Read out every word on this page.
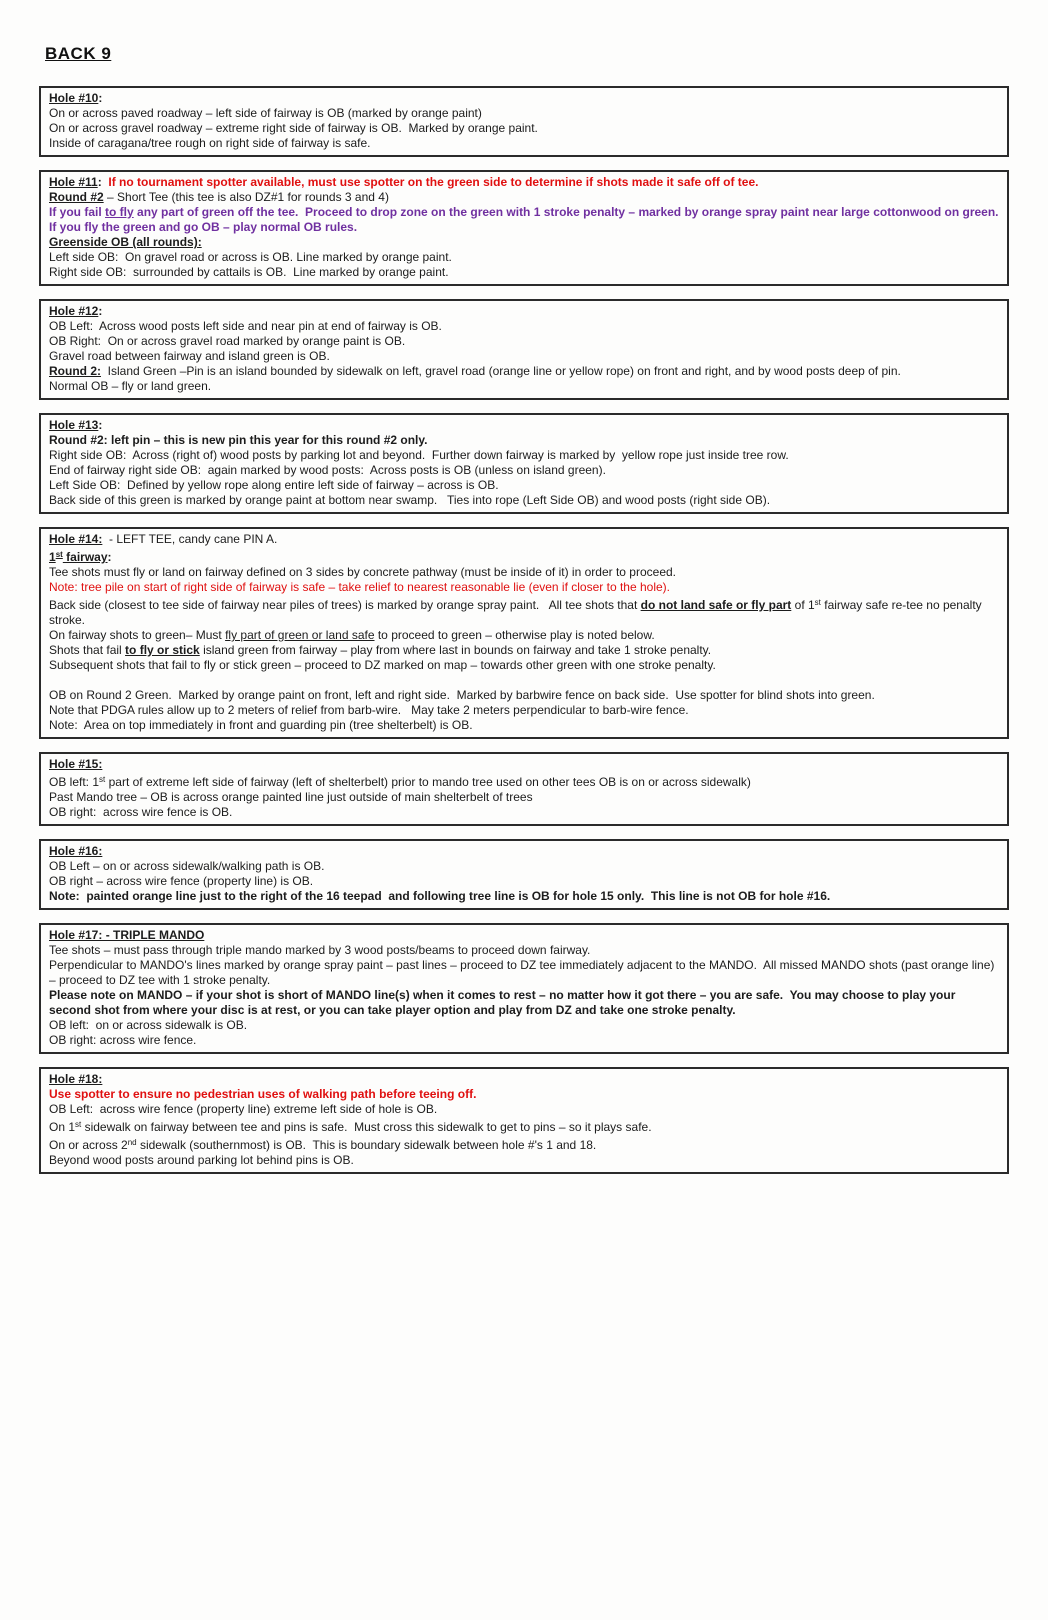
BACK 9
Hole #10:
On or across paved roadway – left side of fairway is OB (marked by orange paint)
On or across gravel roadway – extreme right side of fairway is OB.  Marked by orange paint.
Inside of caragana/tree rough on right side of fairway is safe.
Hole #11:  If no tournament spotter available, must use spotter on the green side to determine if shots made it safe off of tee.
Round #2 – Short Tee (this tee is also DZ#1 for rounds 3 and 4)
If you fail to fly any part of green off the tee.  Proceed to drop zone on the green with 1 stroke penalty – marked by orange spray paint near large cottonwood on green. If you fly the green and go OB – play normal OB rules.
Greenside OB (all rounds):
Left side OB:  On gravel road or across is OB. Line marked by orange paint.
Right side OB:  surrounded by cattails is OB.  Line marked by orange paint.
Hole #12:
OB Left:  Across wood posts left side and near pin at end of fairway is OB.
OB Right:  On or across gravel road marked by orange paint is OB.
Gravel road between fairway and island green is OB.
Round 2:  Island Green –Pin is an island bounded by sidewalk on left, gravel road (orange line or yellow rope) on front and right, and by wood posts deep of pin.
Normal OB – fly or land green.
Hole #13:
Round #2: left pin – this is new pin this year for this round #2 only.
Right side OB:  Across (right of) wood posts by parking lot and beyond.  Further down fairway is marked by  yellow rope just inside tree row.
End of fairway right side OB:  again marked by wood posts:  Across posts is OB (unless on island green).
Left Side OB:  Defined by yellow rope along entire left side of fairway – across is OB.
Back side of this green is marked by orange paint at bottom near swamp.   Ties into rope (Left Side OB) and wood posts (right side OB).
Hole #14:  - LEFT TEE, candy cane PIN A.
1st fairway:
Tee shots must fly or land on fairway defined on 3 sides by concrete pathway (must be inside of it) in order to proceed.
Note: tree pile on start of right side of fairway is safe – take relief to nearest reasonable lie (even if closer to the hole).
Back side (closest to tee side of fairway near piles of trees) is marked by orange spray paint.   All tee shots that do not land safe or fly part of 1st fairway safe re-tee no penalty stroke.
On fairway shots to green– Must fly part of green or land safe to proceed to green – otherwise play is noted below.
Shots that fail to fly or stick island green from fairway – play from where last in bounds on fairway and take 1 stroke penalty.
Subsequent shots that fail to fly or stick green – proceed to DZ marked on map – towards other green with one stroke penalty.
OB on Round 2 Green.  Marked by orange paint on front, left and right side.  Marked by barbwire fence on back side.  Use spotter for blind shots into green.
Note that PDGA rules allow up to 2 meters of relief from barb-wire.   May take 2 meters perpendicular to barb-wire fence.
Note:  Area on top immediately in front and guarding pin (tree shelterbelt) is OB.
Hole #15:
OB left: 1st part of extreme left side of fairway (left of shelterbelt) prior to mando tree used on other tees OB is on or across sidewalk)
Past Mando tree – OB is across orange painted line just outside of main shelterbelt of trees
OB right:  across wire fence is OB.
Hole #16:
OB Left – on or across sidewalk/walking path is OB.
OB right – across wire fence (property line) is OB.
Note:  painted orange line just to the right of the 16 teepad  and following tree line is OB for hole 15 only.  This line is not OB for hole #16.
Hole #17: - TRIPLE MANDO
Tee shots – must pass through triple mando marked by 3 wood posts/beams to proceed down fairway.
Perpendicular to MANDO's lines marked by orange spray paint – past lines – proceed to DZ tee immediately adjacent to the MANDO.  All missed MANDO shots (past orange line) – proceed to DZ tee with 1 stroke penalty.
Please note on MANDO – if your shot is short of MANDO line(s) when it comes to rest – no matter how it got there – you are safe.  You may choose to play your second shot from where your disc is at rest, or you can take player option and play from DZ and take one stroke penalty.
OB left:  on or across sidewalk is OB.
OB right: across wire fence.
Hole #18:
Use spotter to ensure no pedestrian uses of walking path before teeing off.
OB Left:  across wire fence (property line) extreme left side of hole is OB.
On 1st sidewalk on fairway between tee and pins is safe.  Must cross this sidewalk to get to pins – so it plays safe.
On or across 2nd sidewalk (southernmost) is OB.  This is boundary sidewalk between hole #'s 1 and 18.
Beyond wood posts around parking lot behind pins is OB.
